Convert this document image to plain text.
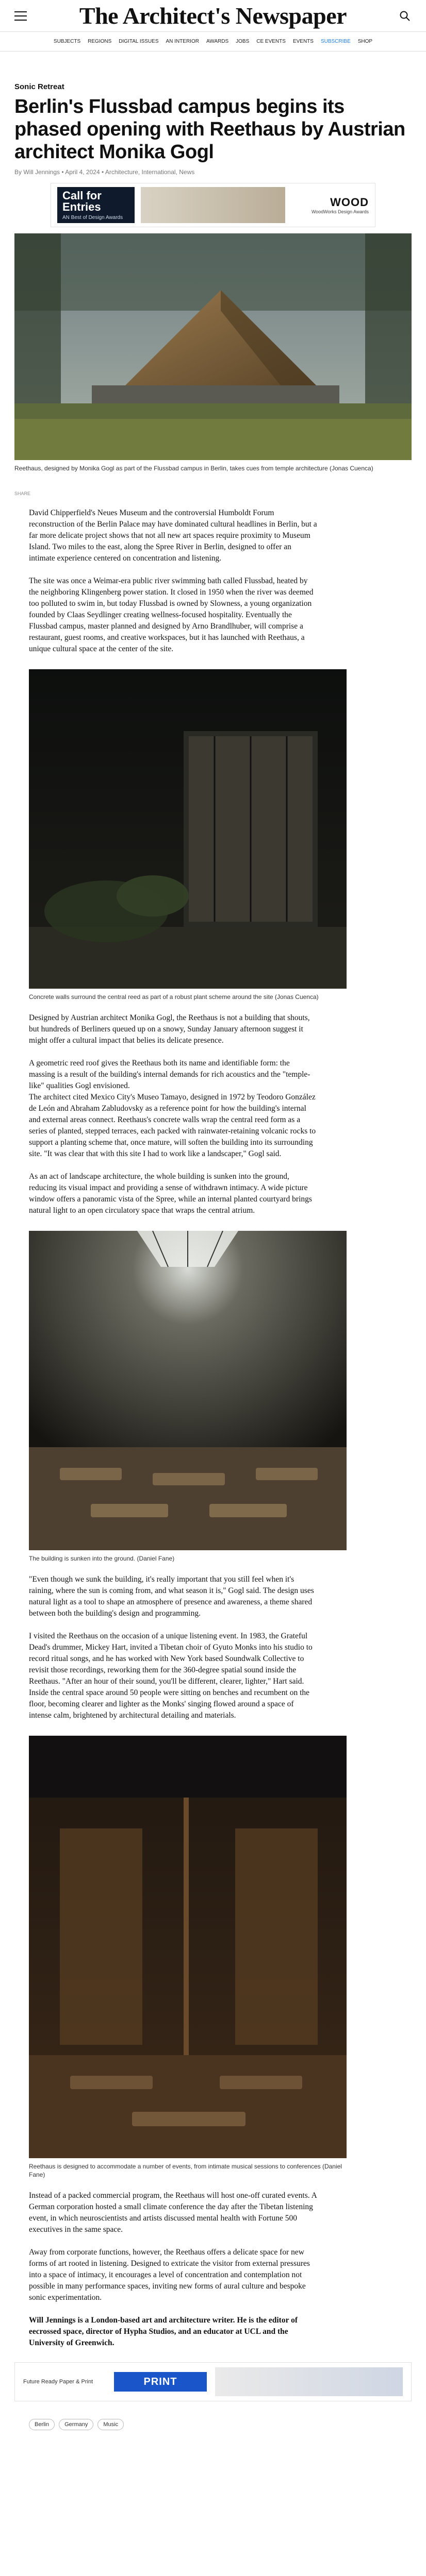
The Architect's Newspaper
SUBJECTS REGIONS DIGITAL ISSUES AN INTERIOR AWARDS JOBS CE EVENTS EVENTS SUBSCRIBE SHOP
Sonic Retreat
Berlin's Flussbad campus begins its phased opening with Reethaus by Austrian architect Monika Gogl
By Will Jennings • April 4, 2024 • Architecture, International, News
Call for Entries
AN Best of Design Awards
WOOD
WoodWorks Design Awards
Reethaus, designed by Monika Gogl as part of the Flussbad campus in Berlin, takes cues from temple architecture (Jonas Cuenca)
SHARE

David Chipperfield's Neues Museum and the controversial Humboldt Forum reconstruction of the Berlin Palace may have dominated cultural headlines in Berlin, but a far more delicate project shows that not all new art spaces require proximity to Museum Island. Two miles to the east, along the Spree River in Berlin, designed to offer an intimate experience centered on concentration and listening.

The site was once a Weimar-era public river swimming bath called Flussbad, heated by the neighboring Klingenberg power station. It closed in 1950 when the river was deemed too polluted to swim in, but today Flussbad is owned by Slowness, a young organization founded by Claas Seydlinger creating wellness-focused hospitality. Eventually the Flussbad campus, master planned and designed by Arno Brandlhuber, will comprise a restaurant, guest rooms, and creative workspaces, but it has launched with Reethaus, a unique cultural space at the center of the site.

Concrete walls surround the central reed as part of a robust plant scheme around the site (Jonas Cuenca)

Designed by Austrian architect Monika Gogl, the Reethaus is not a building that shouts, but hundreds of Berliners queued up on a snowy, Sunday January afternoon suggest it might offer a cultural impact that belies its delicate presence.

A geometric reed roof gives the Reethaus both its name and identifiable form: the massing is a result of the building's internal demands for rich acoustics and the "temple-like" qualities Gogl envisioned.

The architect cited Mexico City's Museo Tamayo, designed in 1972 by Teodoro González de León and Abraham Zabludovsky as a reference point for how the building's internal and external areas connect. Reethaus's concrete walls wrap the central reed form as a series of planted, stepped terraces, each packed with rainwater-retaining volcanic rocks to support a planting scheme that, once mature, will soften the building into its surrounding site. "It was clear that with this site I had to work like a landscaper," Gogl said.

As an act of landscape architecture, the whole building is sunken into the ground, reducing its visual impact and providing a sense of withdrawn intimacy. A wide picture window offers a panoramic vista of the Spree, while an internal planted courtyard brings natural light to an open circulatory space that wraps the central atrium.

The building is sunken into the ground. (Daniel Fane)

"Even though we sunk the building, it's really important that you still feel when it's raining, where the sun is coming from, and what season it is," Gogl said. The design uses natural light as a tool to shape an atmosphere of presence and awareness, a theme shared between both the building's design and programming.

I visited the Reethaus on the occasion of a unique listening event. In 1983, the Grateful Dead's drummer, Mickey Hart, invited a Tibetan choir of Gyuto Monks into his studio to record ritual songs, and he has worked with New York based Soundwalk Collective to revisit those recordings, reworking them for the 360-degree spatial sound inside the Reethaus. "After an hour of their sound, you'll be different, clearer, lighter," Hart said. Inside the central space around 50 people were sitting on benches and recumbent on the floor, becoming clearer and lighter as the Monks' singing flowed around a space of intense calm, brightened by architectural detailing and materials.

Reethaus is designed to accommodate a number of events, from intimate musical sessions to conferences (Daniel Fane)

Instead of a packed commercial program, the Reethaus will host one-off curated events. A German corporation hosted a small climate conference the day after the Tibetan listening event, in which neuroscientists and artists discussed mental health with Fortune 500 executives in the same space.

Away from corporate functions, however, the Reethaus offers a delicate space for new forms of art rooted in listening. Designed to extricate the visitor from external pressures into a space of intimacy, it encourages a level of concentration and contemplation not possible in many performance spaces, inviting new forms of aural culture and bespoke sonic experimentation.

Will Jennings is a London-based art and architecture writer. He is the editor of eecrossed space, director of Hypha Studios, and an educator at UCL and the University of Greenwich.

Future Ready Paper & Print	PRINT
Berlin	Germany	Music
